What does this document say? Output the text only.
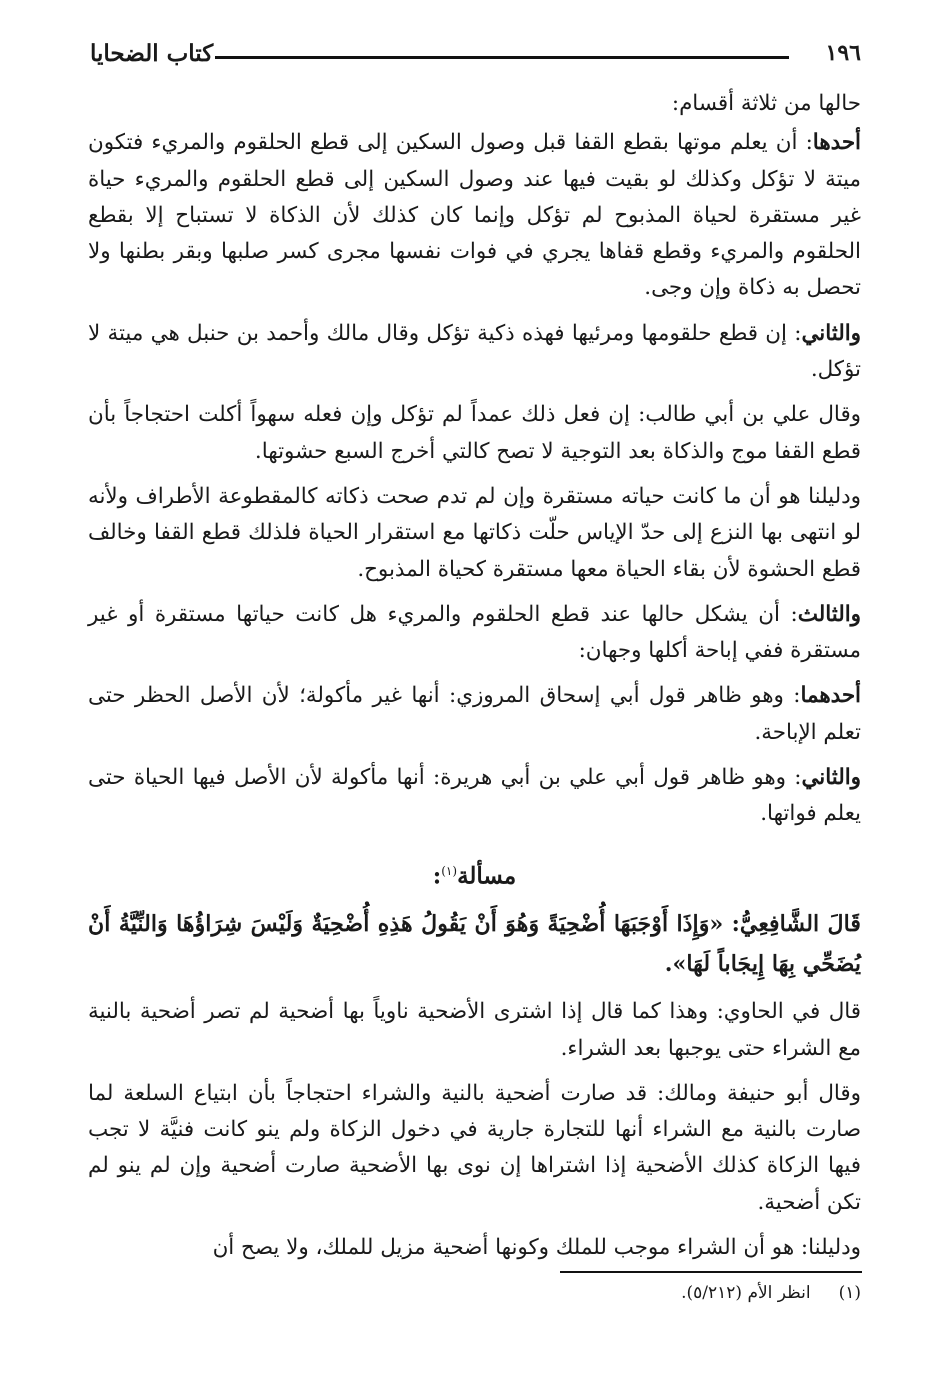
١٩٦
كتاب الضحايا

حالها من ثلاثة أقسام:

أحدها: أن يعلم موتها بقطع القفا قبل وصول السكين إلى قطع الحلقوم والمريء فتكون ميتة لا تؤكل وكذلك لو بقيت فيها عند وصول السكين إلى قطع الحلقوم والمريء حياة غير مستقرة لحياة المذبوح لم تؤكل وإنما كان كذلك لأن الذكاة لا تستباح إلا بقطع الحلقوم والمريء وقطع قفاها يجري في فوات نفسها مجرى كسر صلبها وبقر بطنها ولا تحصل به ذكاة وإن وجى.

والثاني: إن قطع حلقومها ومرئيها فهذه ذكية تؤكل وقال مالك وأحمد بن حنبل هي ميتة لا تؤكل.

وقال علي بن أبي طالب: إن فعل ذلك عمداً لم تؤكل وإن فعله سهواً أكلت احتجاجاً بأن قطع القفا موج والذكاة بعد التوجية لا تصح كالتي أخرج السبع حشوتها.

ودليلنا هو أن ما كانت حياته مستقرة وإن لم تدم صحت ذكاته كالمقطوعة الأطراف ولأنه لو انتهى بها النزع إلى حدّ الإياس حلّت ذكاتها مع استقرار الحياة فلذلك قطع القفا وخالف قطع الحشوة لأن بقاء الحياة معها مستقرة كحياة المذبوح.

والثالث: أن يشكل حالها عند قطع الحلقوم والمريء هل كانت حياتها مستقرة أو غير مستقرة ففي إباحة أكلها وجهان:

أحدهما: وهو ظاهر قول أبي إسحاق المروزي: أنها غير مأكولة؛ لأن الأصل الحظر حتى تعلم الإباحة.

والثاني: وهو ظاهر قول أبي علي بن أبي هريرة: أنها مأكولة لأن الأصل فيها الحياة حتى يعلم فواتها.

مسألة$^{(١)}$:

قَالَ الشَّافِعِيُّ: «وَإِذَا أَوْجَبَهَا أُضْحِيَةً وَهُوَ أَنْ يَقُولُ هَذِهِ أُضْحِيَةٌ وَلَيْسَ شِرَاؤُهَا وَالنِّيَّةُ أَنْ يُضَحِّي بِهَا إِيجَاباً لَهَا».

قال في الحاوي: وهذا كما قال إذا اشترى الأضحية ناوياً بها أضحية لم تصر أضحية بالنية مع الشراء حتى يوجبها بعد الشراء.

وقال أبو حنيفة ومالك: قد صارت أضحية بالنية والشراء احتجاجاً بأن ابتياع السلعة لما صارت بالنية مع الشراء أنها للتجارة جارية في دخول الزكاة ولم ينو كانت فنيَّة لا تجب فيها الزكاة كذلك الأضحية إذا اشتراها إن نوى بها الأضحية صارت أضحية وإن لم ينو لم تكن أضحية.

ودليلنا: هو أن الشراء موجب للملك وكونها أضحية مزيل للملك، ولا يصح أن

(١)انظر الأم (٥/٢١٢).
